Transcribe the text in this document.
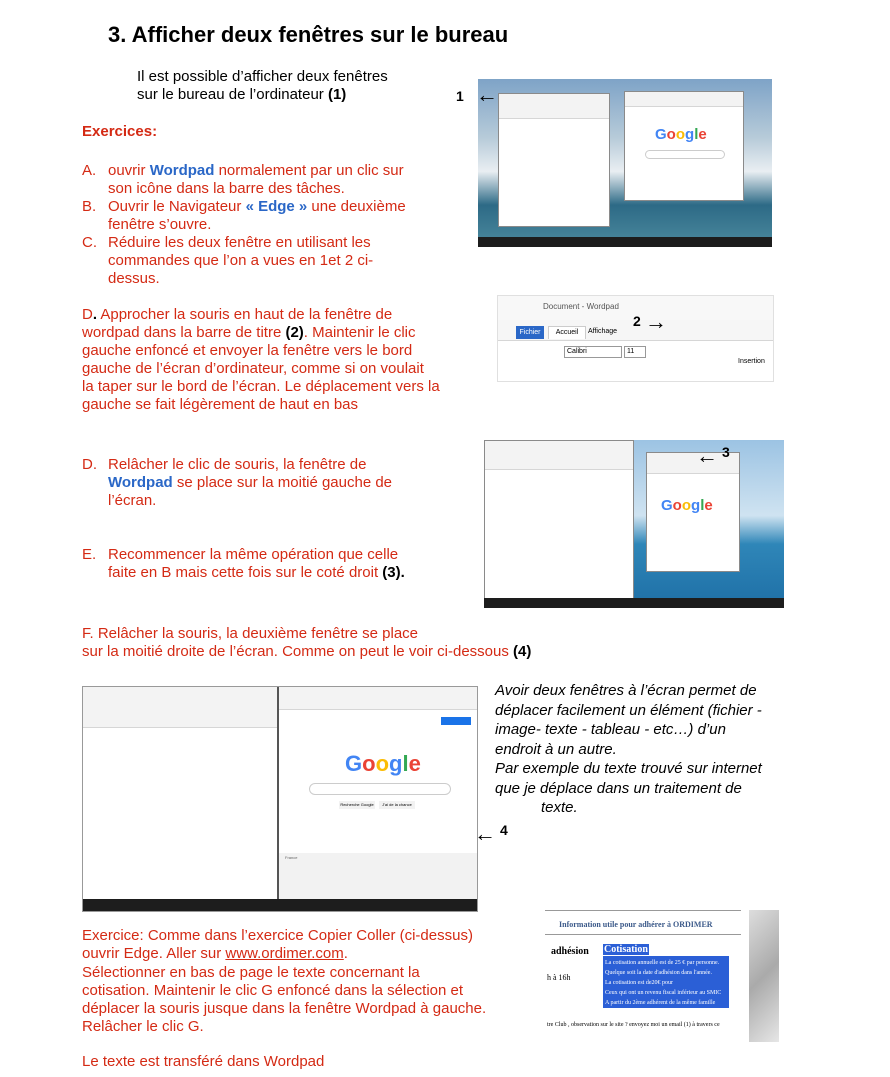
3. Afficher deux fenêtres sur le bureau
Il est possible d’afficher deux fenêtres
sur le bureau de l’ordinateur (1)
Exercices:
A. ouvrir Wordpad normalement par un clic sur
son icône dans la barre des tâches.
B. Ouvrir le Navigateur « Edge » une deuxième
fenêtre s’ouvre.
C. Réduire les deux fenêtre en utilisant les
commandes que l’on a vues en 1et 2 ci-
dessus.
D. Approcher la souris en haut de la fenêtre de
wordpad dans la barre de titre (2). Maintenir le clic
gauche enfoncé et envoyer la fenêtre vers le bord
gauche de l’écran d’ordinateur, comme si on voulait
la taper sur le bord de l’écran. Le déplacement vers la
gauche se fait légèrement de haut en bas
D. Relâcher le clic de souris, la fenêtre de
Wordpad se place sur la moitié gauche de
l’écran.
E. Recommencer la même opération que celle
faite en B mais cette fois sur le coté droit (3).
F. Relâcher la souris, la deuxième fenêtre se place
sur la moitié droite de l’écran. Comme on peut le voir ci-dessous (4)
Avoir deux fenêtres à l’écran permet de
déplacer facilement un élément (fichier -
image- texte - tableau - etc…) d’un
endroit à un autre.
Par exemple du texte trouvé sur internet
que je déplace dans un traitement de
texte.
Exercice: Comme dans l’exercice Copier Coller (ci-dessus)
ouvrir Edge. Aller sur www.ordimer.com.
Sélectionner en bas de page le texte concernant la
cotisation. Maintenir le clic G enfoncé dans la sélection et
déplacer la souris jusque dans la fenêtre Wordpad à gauche.
Relâcher le clic G.
Le texte est transféré dans Wordpad
1
Google
←
Document - Wordpad
Fichier	Accueil	Affichage
Calibri	11
Insertion
2 →
Google
← 3
Google
Recherche Google	J'ai de la chance
France
← 4
Information utile pour adhérer à ORDIMER
adhésion Cotisation
h à 16h
La cotisation annuelle est de 25 € par personne.
Quelque soit la date d'adhésion dans l'année.
La cotisation est de20€ pour
Ceux qui ont un revenu fiscal inférieur au SMIC
A partir du 2ème adhérent de la même famille
tre Club , observation sur le site ? envoyez moi un email (1) à travers ce
